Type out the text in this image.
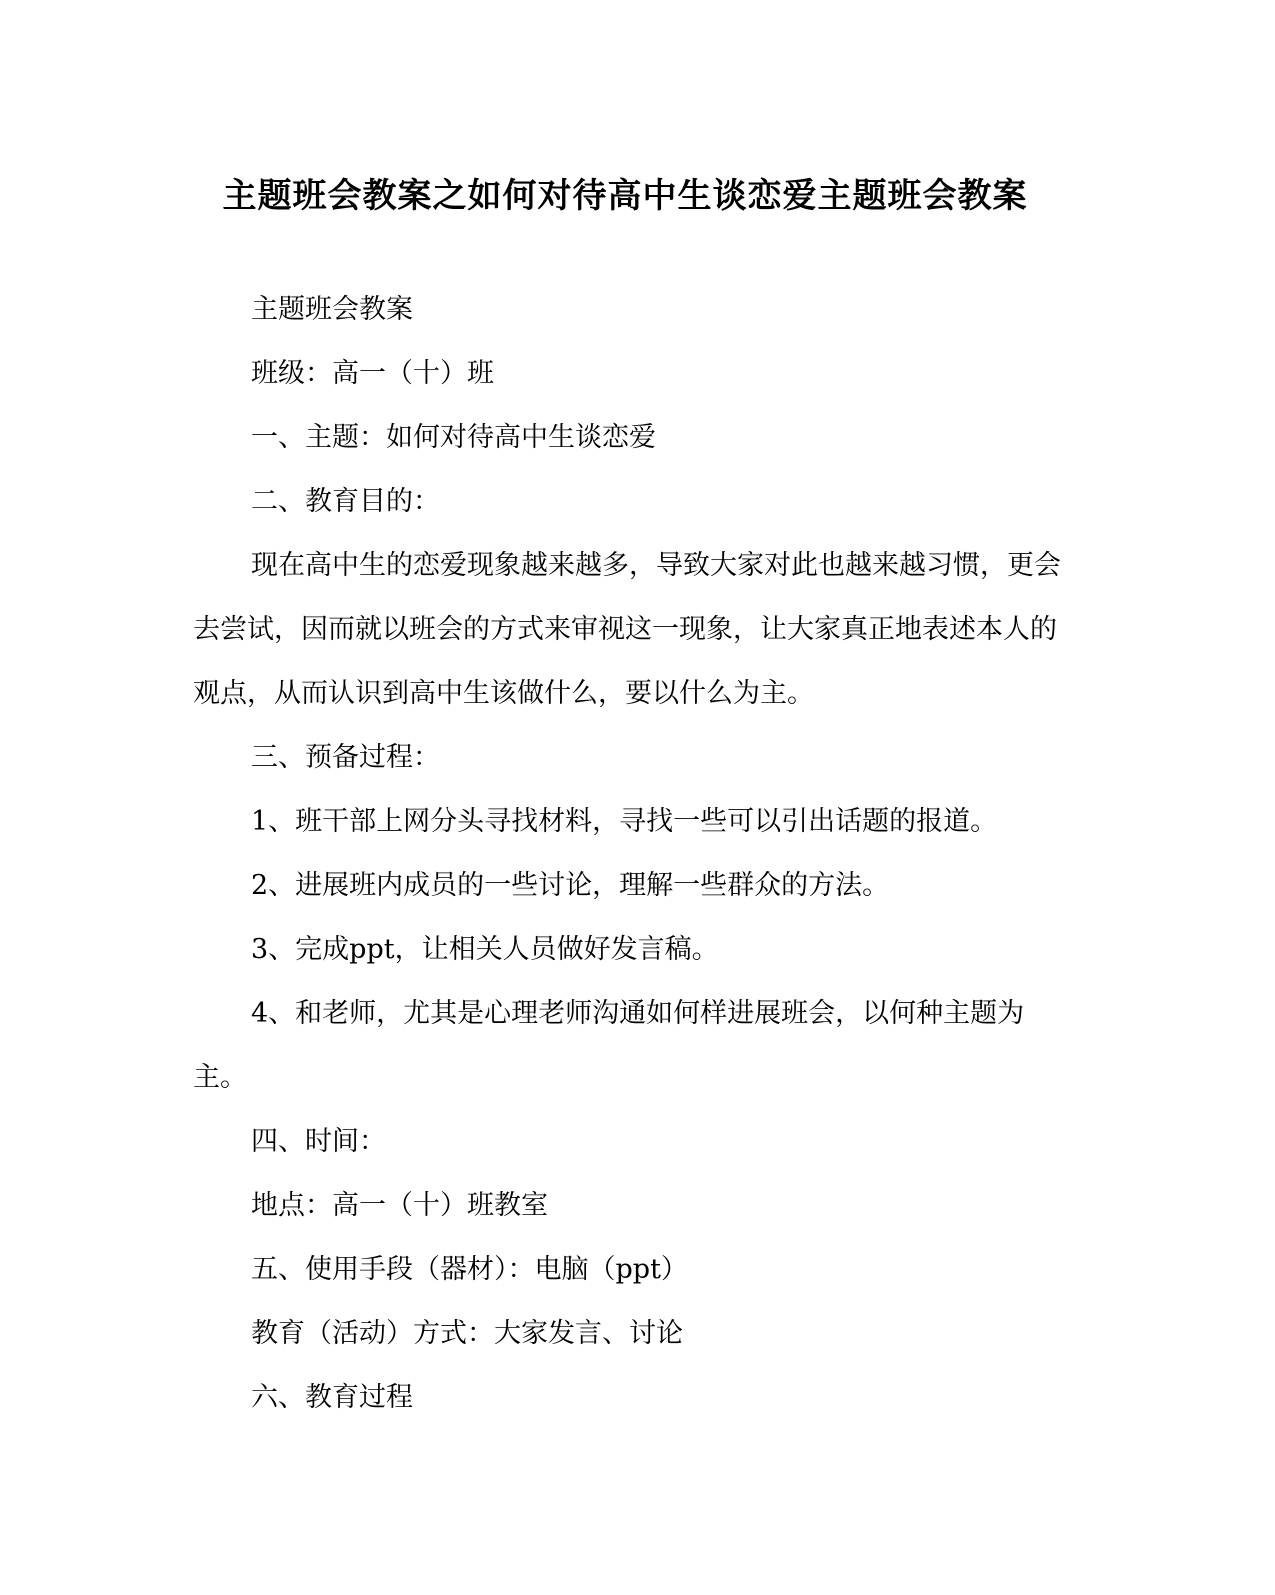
主题班会教案之如何对待高中生谈恋爱主题班会教案

主题班会教案

班级：高一（十）班

一、主题：如何对待高中生谈恋爱

二、教育目的：

现在高中生的恋爱现象越来越多，导致大家对此也越来越习惯，更会去尝试，因而就以班会的方式来审视这一现象，让大家真正地表述本人的观点，从而认识到高中生该做什么，要以什么为主。

三、预备过程：

1、班干部上网分头寻找材料，寻找一些可以引出话题的报道。

2、进展班内成员的一些讨论，理解一些群众的方法。

3、完成ppt，让相关人员做好发言稿。

4、和老师，尤其是心理老师沟通如何样进展班会，以何种主题为主。

四、时间：

地点：高一（十）班教室

五、使用手段（器材）：电脑（ppt）

教育（活动）方式：大家发言、讨论

六、教育过程
